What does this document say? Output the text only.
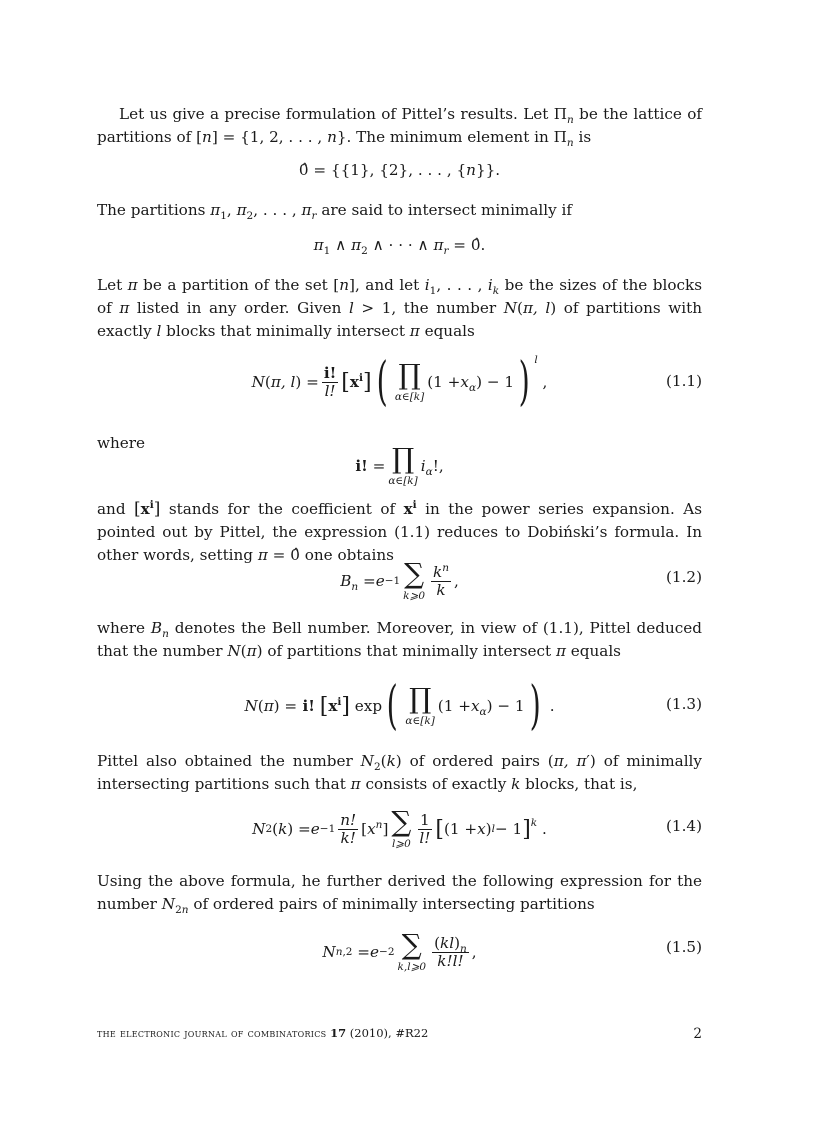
Let us give a precise formulation of Pittel’s results. Let $\Pi_n$ be the lattice of partitions of [n] = {1, 2, . . . , n}. The minimum element in $\Pi_n$ is
0̂ = {{1}, {2}, . . . , {n}}.
The partitions $\pi_1$, $\pi_2$, . . . , $\pi_r$ are said to intersect minimally if
$\pi_1$ ∧ $\pi_2$ ∧ · · · ∧ $\pi_r$ = 0̂.
Let π be a partition of the set [n], and let $i_1$, . . . , $i_k$ be the sizes of the blocks of π listed in any order. Given l > 1, the number N(π, l) of partitions with exactly l blocks that minimally intersect π equals
N ( π, l ) = $\frac{i!}{l!}$ [ $x^i$ ] ( ∏
α∈[k]
($1 + x_\alpha$ ) − 1 ) $^l$
,	(1.1)
where
i! = ∏
α∈[k]
$i_\alpha$ !,
and $[x^i]$ stands for the coefficient of $x^i$ in the power series expansion. As pointed out by Pittel, the expression (1.1) reduces to Dobiński’s formula. In other words, setting π = 0̂ one obtains
$B_n = e -1$ ∑
k⩾0 $\frac{k^n}{k}$ ,	(1.2)
where $B_n$ denotes the Bell number. Moreover, in view of (1.1), Pittel deduced that the number N(π) of partitions that minimally intersect π equals
N ( π ) = i!
[ $x^i$ ] exp ( ∏
α∈[k]
($1 + x_\alpha$ ) − 1 ) .	(1.3)
Pittel also obtained the number $N_2(k)$ of ordered pairs (π, π′) of minimally intersecting partitions such that π consists of exactly k blocks, that is,
N 2 ( k ) = $e -1 \frac{n!}{k!}$ [ $x^n$ ] ∑
l⩾0 $\frac{1}{l!}$ [ (1 + x ) l − 1 ]$^k$ .	(1.4)
Using the above formula, he further derived the following expression for the number $N_{2n}$ of ordered pairs of minimally intersecting partitions
N n,2 = e −2 ∑
k,l⩾0 $\frac{(kl)_n}{k!l!}$ ,	(1.5)
the electronic journal of combinatorics 17 (2010), #R22	2
